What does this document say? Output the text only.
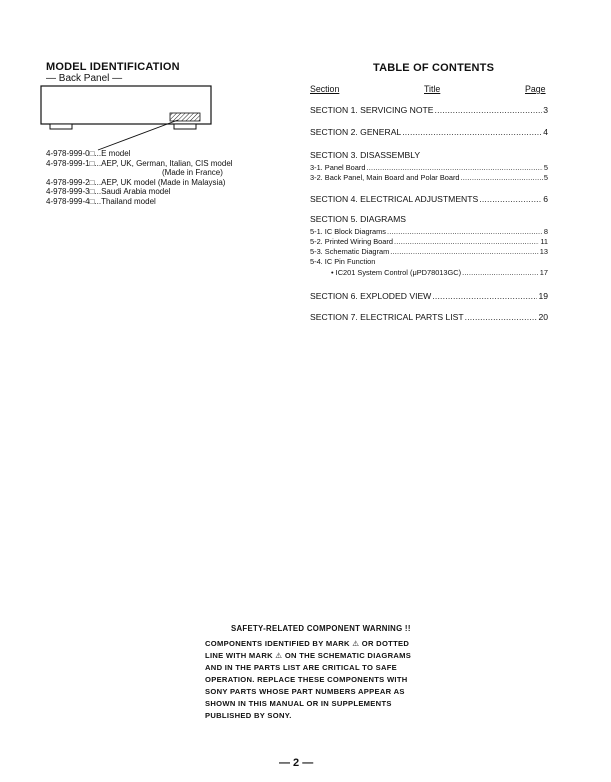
MODEL IDENTIFICATION
— Back Panel —
4-978-999-0□...E model
4-978-999-1□...AEP, UK, German, Italian, CIS model
(Made in France)
4-978-999-2□...AEP, UK model (Made in Malaysia)
4-978-999-3□...Saudi Arabia model
4-978-999-4□...Thailand model
TABLE OF CONTENTS
Section	Title	Page
SECTION 1. SERVICING NOTE .....	3
SECTION 2. GENERAL .....	4
SECTION 3. DISASSEMBLY
3-1. Panel Board .....	5
3-2. Back Panel, Main Board and Polar Board .....	5
SECTION 4. ELECTRICAL ADJUSTMENTS .....	6
SECTION 5. DIAGRAMS
5-1. IC Block Diagrams .....	8
5-2. Printed Wiring Board .....	11
5-3. Schematic Diagram .....	13
5-4. IC Pin Function
• IC201 System Control (μPD78013GC) .....	17
SECTION 6. EXPLODED VIEW .....	19
SECTION 7. ELECTRICAL PARTS LIST .....	20
SAFETY-RELATED COMPONENT WARNING !!
COMPONENTS IDENTIFIED BY MARK ⚠ OR DOTTED
LINE WITH MARK ⚠ ON THE SCHEMATIC DIAGRAMS
AND IN THE PARTS LIST ARE CRITICAL TO SAFE
OPERATION. REPLACE THESE COMPONENTS WITH
SONY PARTS WHOSE PART NUMBERS APPEAR AS
SHOWN IN THIS MANUAL OR IN SUPPLEMENTS
PUBLISHED BY SONY.
— 2 —
